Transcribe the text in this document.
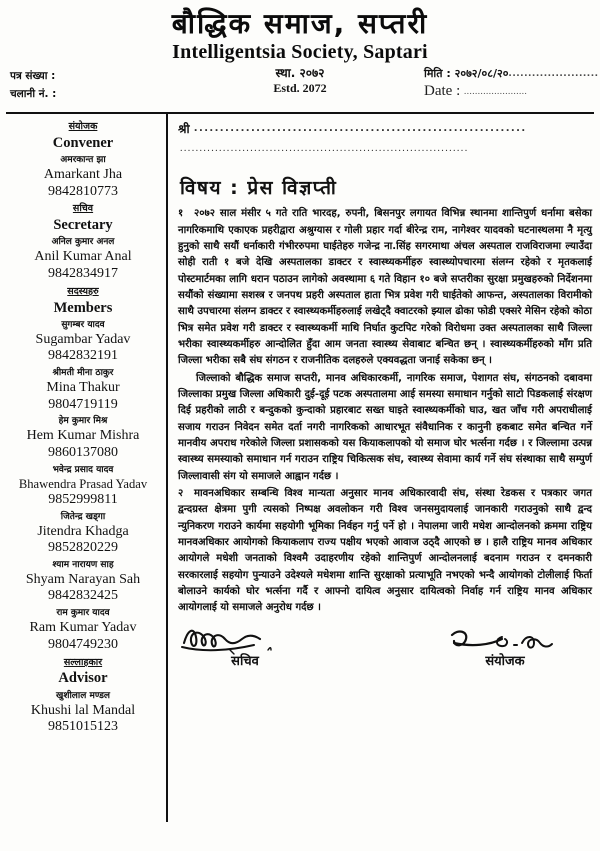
बौद्धिक समाज, सप्तरी
Intelligentsia Society, Saptari
पत्र संख्या :
चलानी नं. :
स्था. २०७२
Estd. 2072
मिति : २०७२/०८/२०.......................
Date : .......................
संयोजक
Convener
अमरकान्त झा
Amarkant Jha
9842810773
सचिव
Secretary
अनिल कुमार अनल
Anil Kumar Anal
9842834917
सदस्यहरु
Members
सुगम्बर यादव
Sugambar Yadav
9842832191
श्रीमती मीना ठाकुर
Mina Thakur
9804719119
हेम कुमार मिश्र
Hem Kumar Mishra
9860137080
भवेन्द्र प्रसाद यादव
Bhawendra Prasad Yadav
9852999811
जितेन्द्र खड्गा
Jitendra Khadga
9852820229
श्याम नारायण साह
Shyam Narayan Sah
9842832425
राम कुमार यादव
Ram Kumar Yadav
9804749230
सल्लाहकार
Advisor
खुशीलाल मण्डल
Khushi lal Mandal
9851015123
श्री ................................................................
..........................................................................
विषय : प्रेस विज्ञप्ती

१ २०७२ साल मंसीर ५ गते राति भारदह, रुपनी, बिसनपुर लगायत विभिन्न स्थानमा शान्तिपुर्ण धर्नामा बसेका नागरिकमाथि एकाएक प्रहरीद्वारा अश्रुग्यास र गोली प्रहार गर्दा बीरेन्द्र राम, नागेश्वर यादवको घटनास्थलमा नै मृत्यु हुनुको साथै सयौं धर्नाकारी गंभीररुपमा घाईतेहरु गजेन्द्र ना.सिंह सगरमाथा अंचल अस्पताल राजविराजमा ल्याउँदा सोही राती १ बजे देखि अस्पतालका डाक्टर र स्वास्थ्यकर्मीहरु स्वास्थ्योपचारमा संलग्न रहेको र मृतकलाई पोस्टमार्टमका लागि धरान पठाउन लागेको अवस्थामा ६ गते विहान १० बजे सप्तरीका सुरक्षा प्रमुखहरुको निर्देशनमा सयौंको संख्यामा सशस्त्र र जनपथ प्रहरी अस्पताल हाता भित्र प्रवेश गरी घाईतेको आफन्त, अस्पतालका विरामीको साथै उपचारमा संलग्न डाक्टर र स्वास्थ्यकर्मीहरुलाई लखेट्दै क्वाटरको झ्याल ढोका फोडी एक्सरे मेसिन रहेको कोठा भित्र समेत प्रवेश गरी डाक्टर र स्वास्थ्यकर्मी माथि निर्घात कुटपिट गरेको विरोधमा उक्त अस्पतालका साथै जिल्ला भरीका स्वास्थ्यकर्मीहरु आन्दोलित हुँदा आम जनता स्वास्थ्य सेवाबाट बन्चित छन् । स्वास्थ्यकर्मीहरुको माँग प्रति जिल्ला भरीका सबै संघ संगठन र राजनीतिक दलहरुले एक्यवद्धता जनाई सकेका छन् ।

जिल्लाको बौद्धिक समाज सप्तरी, मानव अधिकारकर्मी, नागरिक समाज, पेशागत संघ, संगठनको दबावमा जिल्लाका प्रमुख जिल्ला अधिकारी दुई-दूई पटक अस्पतालमा आई समस्या समाधान गर्नुको साटो पिडकलाई संरक्षण दिई प्रहरीको लाठी र बन्दुकको कुन्दाको प्रहारबाट सख्त घाइते स्वास्थ्यकर्मीको घाउ, खत जाँच गरी अपराधीलाई सजाय गराउन निवेदन समेत दर्ता नगरी नागरिकको आधारभूत संवैधानिक र कानुनी हकबाट समेत बन्चित गर्ने मानवीय अपराध गरेकोले जिल्ला प्रशासकको यस कियाकलापको यो समाज घोर भर्त्सना गर्दछ । र जिल्लामा उत्पन्न स्वास्थ्य समस्याको समाधान गर्न गराउन राष्ट्रिय चिकित्सक संघ, स्वास्थ्य सेवामा कार्य गर्ने संघ संस्थाका साथै सम्पुर्ण जिल्लावासी संग यो समाजले आह्वान गर्दछ ।

२ मावनअधिकार सम्बन्धि विश्व मान्यता अनुसार मानव अधिकारवादी संघ, संस्था रेडकस र पत्रकार जगत द्वन्दग्रस्त क्षेत्रमा पुगी त्यसको निष्पक्ष अवलोकन गरी विश्व जनसमुदायलाई जानकारी गराउनुको साथै द्वन्द न्युनिकरण गराउने कार्यमा सहयोगी भूमिका निर्वहन गर्नु पर्ने हो । नेपालमा जारी मधेश आन्दोलनको क्रममा राष्ट्रिय मानवअधिकार आयोगको कियाकलाप राज्य पक्षीय भएको आवाज उठ्दै आएको छ । हालै राष्ट्रिय मानव अधिकार आयोगले मधेशी जनताको विश्वमै उदाहरणीय रहेको शान्तिपुर्ण आन्दोलनलाई बदनाम गराउन र दमनकारी सरकारलाई सहयोग पुन्याउने उदेश्यले मधेशमा शान्ति सुरक्षाको प्रत्याभूति नभएको भन्दै आयोगको टोलीलाई फिर्ता बोलाउने कार्यको घोर भर्त्सना गर्दै र आफ्नो दायित्व अनुसार दायित्वको निर्वाह गर्न राष्ट्रिय मानव अधिकार आयोगलाई यो समाजले अनुरोध गर्दछ ।

सचिव	संयोजक
